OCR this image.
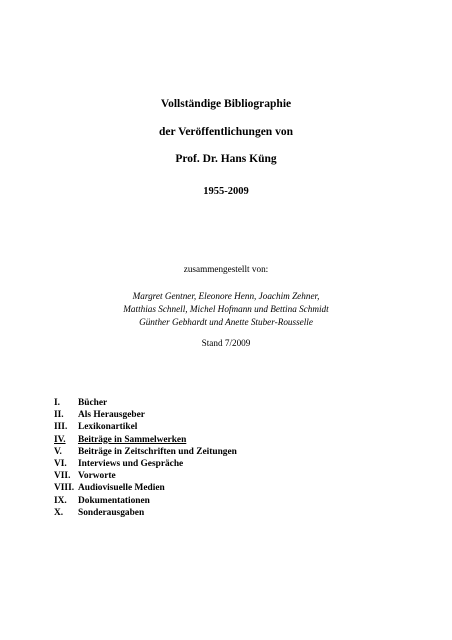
Vollständige Bibliographie
der Veröffentlichungen von
Prof. Dr. Hans Küng
1955-2009
zusammengestellt von:
Margret Gentner, Eleonore Henn, Joachim Zehner,
Matthias Schnell, Michel Hofmann und Bettina Schmidt
Günther Gebhardt und Anette Stuber-Rousselle
Stand 7/2009
I.	Bücher
II.	Als Herausgeber
III.	Lexikonartikel
IV.	Beiträge in Sammelwerken
V.	Beiträge in Zeitschriften und Zeitungen
VI.	Interviews und Gespräche
VII. Vorworte
VIII. Audiovisuelle Medien
IX.	Dokumentationen
X.	Sonderausgaben
